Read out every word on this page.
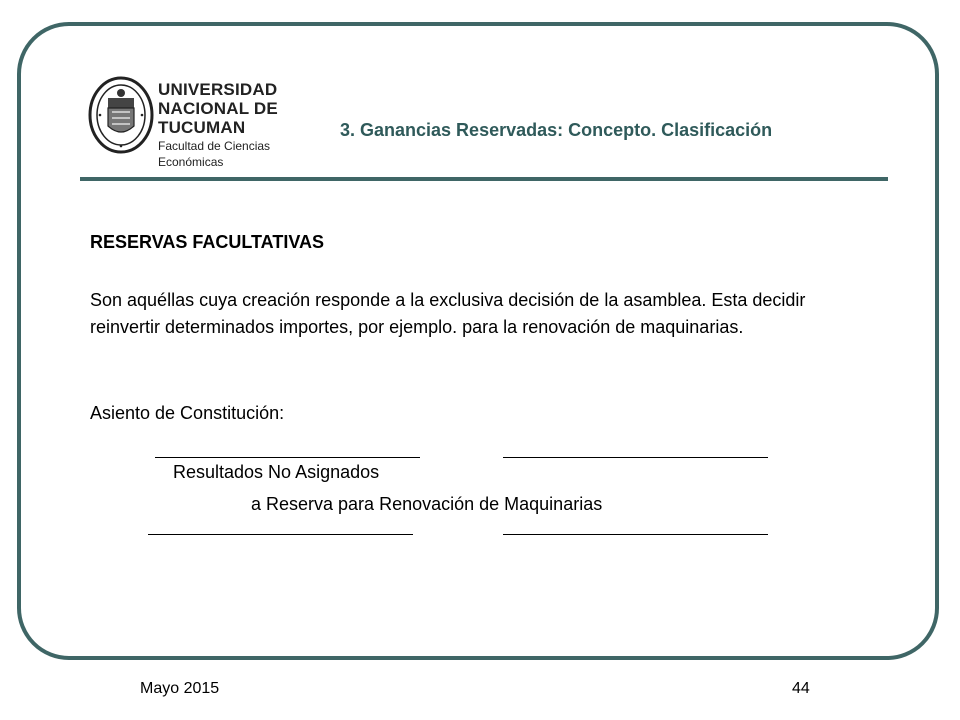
UNIVERSIDAD
NACIONAL DE
TUCUMAN
Facultad de Ciencias Económicas
3. Ganancias Reservadas: Concepto. Clasificación
RESERVAS FACULTATIVAS
Son aquéllas cuya creación responde a la exclusiva decisión de la asamblea. Esta decidir reinvertir determinados importes, por ejemplo. para la renovación de maquinarias.
Asiento de Constitución:
Resultados No Asignados
a Reserva para Renovación de Maquinarias
Mayo 2015	44
